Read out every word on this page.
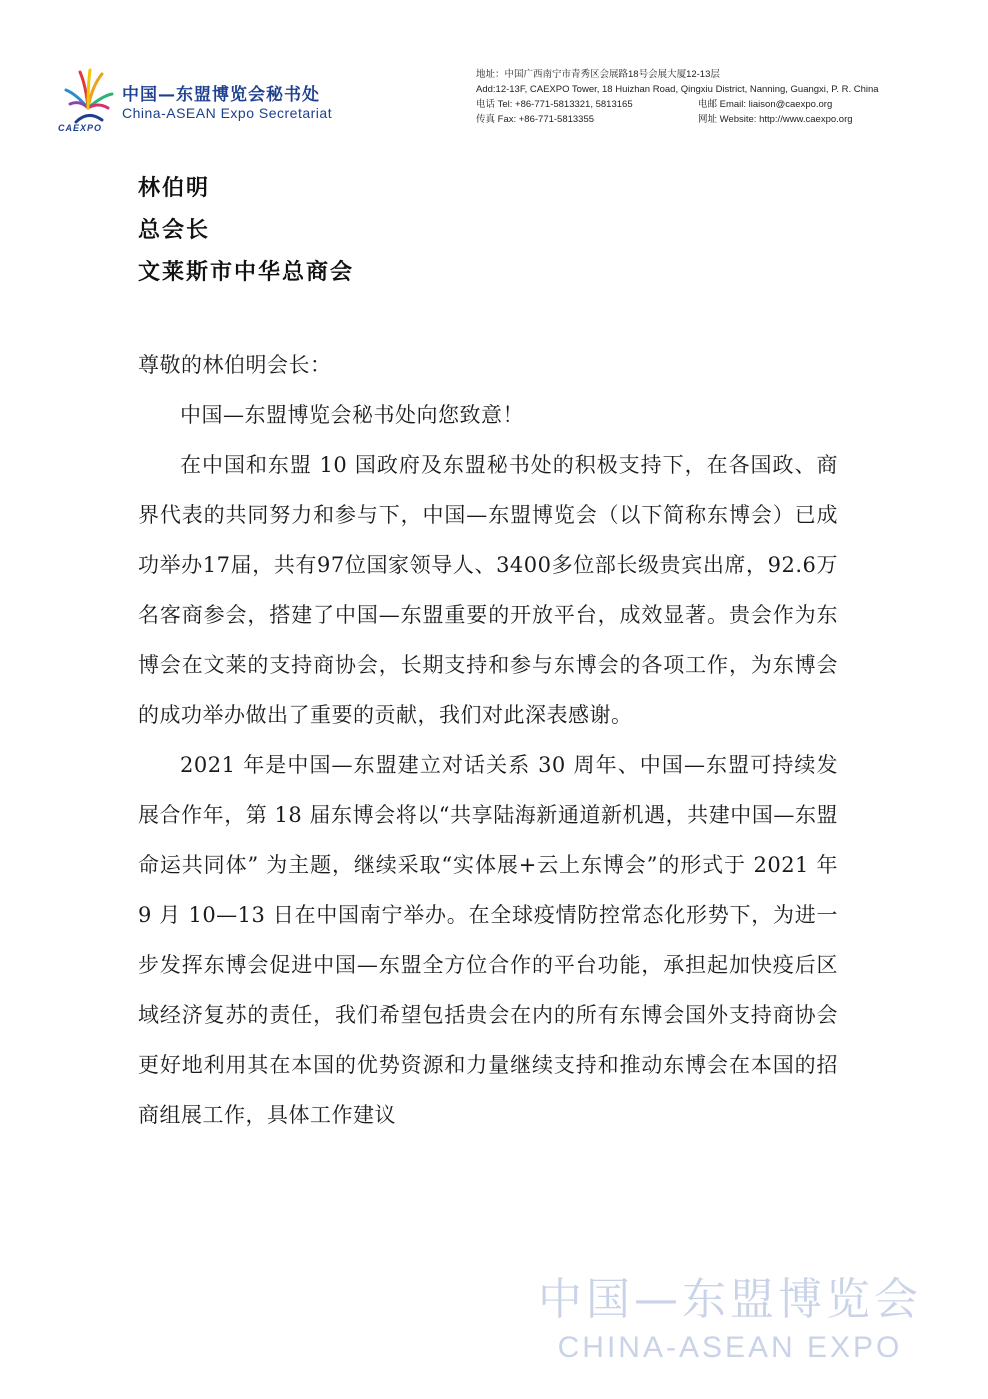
CAEXPO
中国—东盟博览会秘书处
China-ASEAN Expo Secretariat
地址：中国广西南宁市青秀区会展路18号会展大厦12-13层
Add:12-13F, CAEXPO Tower, 18 Huizhan Road, Qingxiu District, Nanning, Guangxi, P. R. China
电话 Tel: +86-771-5813321, 5813165	电邮 Email: liaison@caexpo.org
传真 Fax: +86-771-5813355	网址 Website: http://www.caexpo.org
林伯明
总会长
文莱斯市中华总商会

尊敬的林伯明会长：

中国—东盟博览会秘书处向您致意！

在中国和东盟 10 国政府及东盟秘书处的积极支持下，在各国政、商界代表的共同努力和参与下，中国—东盟博览会（以下简称东博会）已成功举办17届，共有97位国家领导人、3400多位部长级贵宾出席，92.6万名客商参会，搭建了中国—东盟重要的开放平台，成效显著。贵会作为东博会在文莱的支持商协会，长期支持和参与东博会的各项工作，为东博会的成功举办做出了重要的贡献，我们对此深表感谢。

2021 年是中国—东盟建立对话关系 30 周年、中国—东盟可持续发展合作年，第 18 届东博会将以“共享陆海新通道新机遇，共建中国—东盟命运共同体” 为主题，继续采取“实体展+云上东博会”的形式于 2021 年 9 月 10—13 日在中国南宁举办。在全球疫情防控常态化形势下，为进一步发挥东博会促进中国—东盟全方位合作的平台功能，承担起加快疫后区域经济复苏的责任，我们希望包括贵会在内的所有东博会国外支持商协会更好地利用其在本国的优势资源和力量继续支持和推动东博会在本国的招商组展工作，具体工作建议

中国—东盟博览会
CHINA-ASEAN EXPO
